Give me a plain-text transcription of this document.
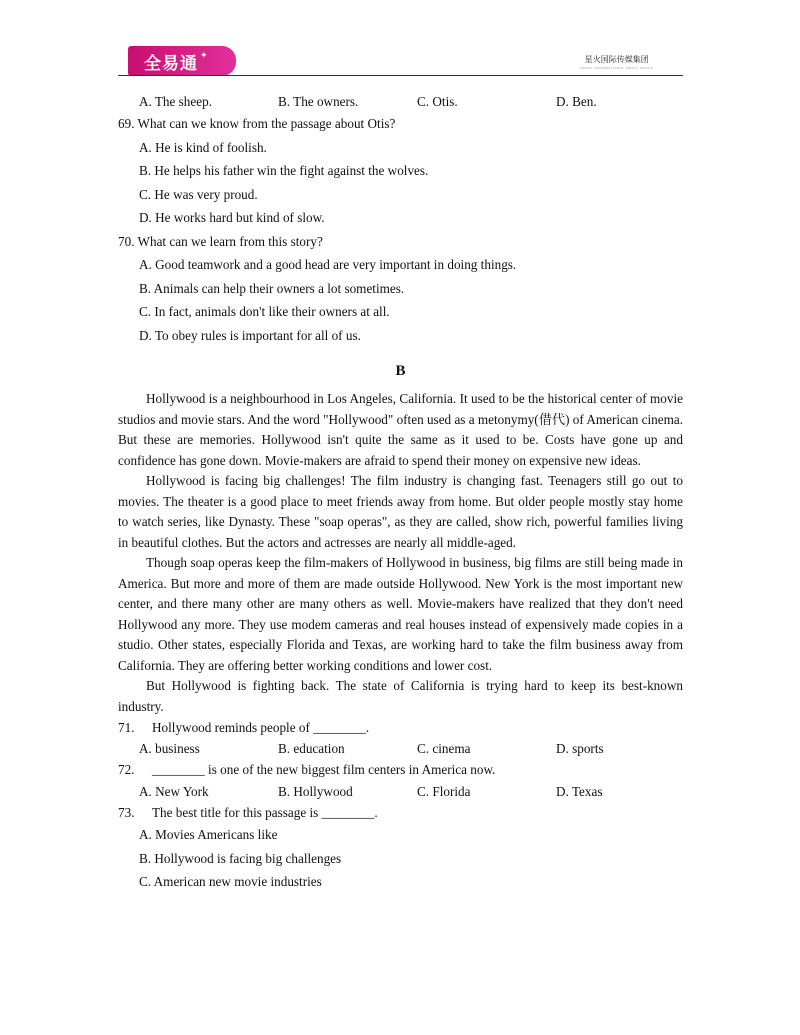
全易通 ✦	星火国际传媒集团
SPARK INTERNATIONAL MEDIA GROUP
A. The sheep.	B. The owners.	C. Otis.	D. Ben.
69. What can we know from the passage about Otis?
A. He is kind of foolish.
B. He helps his father win the fight against the wolves.
C. He was very proud.
D. He works hard but kind of slow.
70. What can we learn from this story?
A. Good teamwork and a good head are very important in doing things.
B. Animals can help their owners a lot sometimes.
C. In fact, animals don't like their owners at all.
D. To obey rules is important for all of us.
B

Hollywood is a neighbourhood in Los Angeles, California. It used to be the historical center of movie studios and movie stars. And the word "Hollywood" often used as a metonymy(借代) of American cinema. But these are memories. Hollywood isn't quite the same as it used to be. Costs have gone up and confidence has gone down. Movie-makers are afraid to spend their money on expensive new ideas.

Hollywood is facing big challenges! The film industry is changing fast. Teenagers still go out to movies. The theater is a good place to meet friends away from home. But older people mostly stay home to watch series, like Dynasty. These "soap operas", as they are called, show rich, powerful families living in beautiful clothes. But the actors and actresses are nearly all middle-aged.

Though soap operas keep the film-makers of Hollywood in business, big films are still being made in America. But more and more of them are made outside Hollywood. New York is the most important new center, and there many other are many others as well. Movie-makers have realized that they don't need Hollywood any more. They use modem cameras and real houses instead of expensively made copies in a studio. Other states, especially Florida and Texas, are working hard to take the film business away from California. They are offering better working conditions and lower cost.

But Hollywood is fighting back. The state of California is trying hard to keep its best-known industry.

71.	Hollywood reminds people of ________.
A. business	B. education	C. cinema	D. sports
72.	________ is one of the new biggest film centers in America now.
A. New York	B. Hollywood	C. Florida	D. Texas
73.	The best title for this passage is ________.
A. Movies Americans like
B. Hollywood is facing big challenges
C. American new movie industries
